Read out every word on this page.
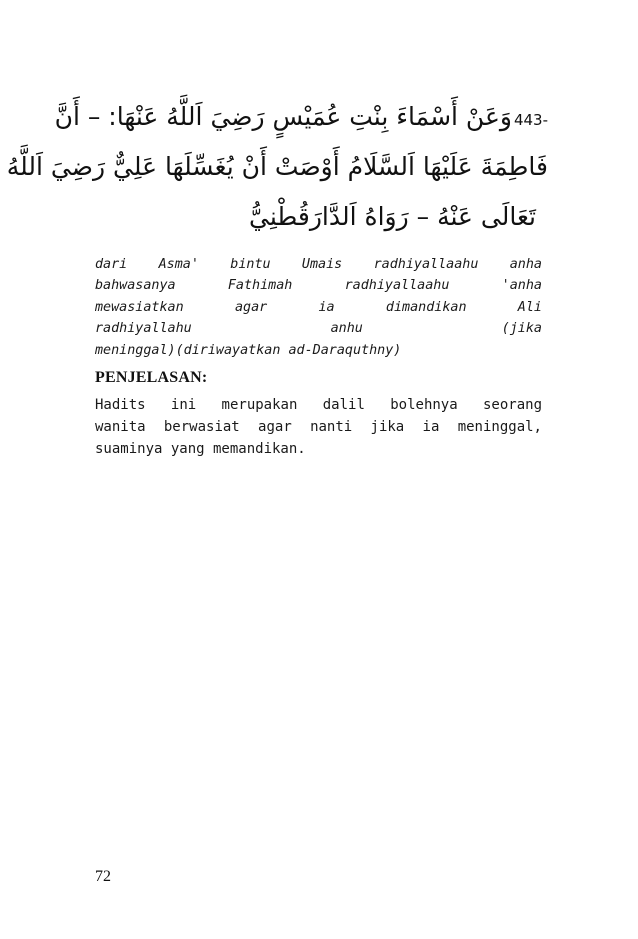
443-وَعَنْ أَسْمَاءَ بِنْتِ عُمَيْسٍ رَضِيَ اَللَّهُ عَنْهَا: – أَنَّ
فَاطِمَةَ عَلَيْهَا اَلسَّلَامُ أَوْصَتْ أَنْ يُغَسِّلَهَا عَلِيٌّ رَضِيَ اَللَّهُ
تَعَالَى عَنْهُ – رَوَاهُ اَلدَّارَقُطْنِيُّ
dari Asma' bintu Umais radhiyallaahu anha
bahwasanya Fathimah radhiyallaahu 'anha
mewasiatkan agar ia dimandikan Ali
radhiyallahu anhu (jika
meninggal)(diriwayatkan ad-Daraquthny)
PENJELASAN:
Hadits ini merupakan dalil bolehnya seorang
wanita berwasiat agar nanti jika ia meninggal,
suaminya yang memandikan.
72
